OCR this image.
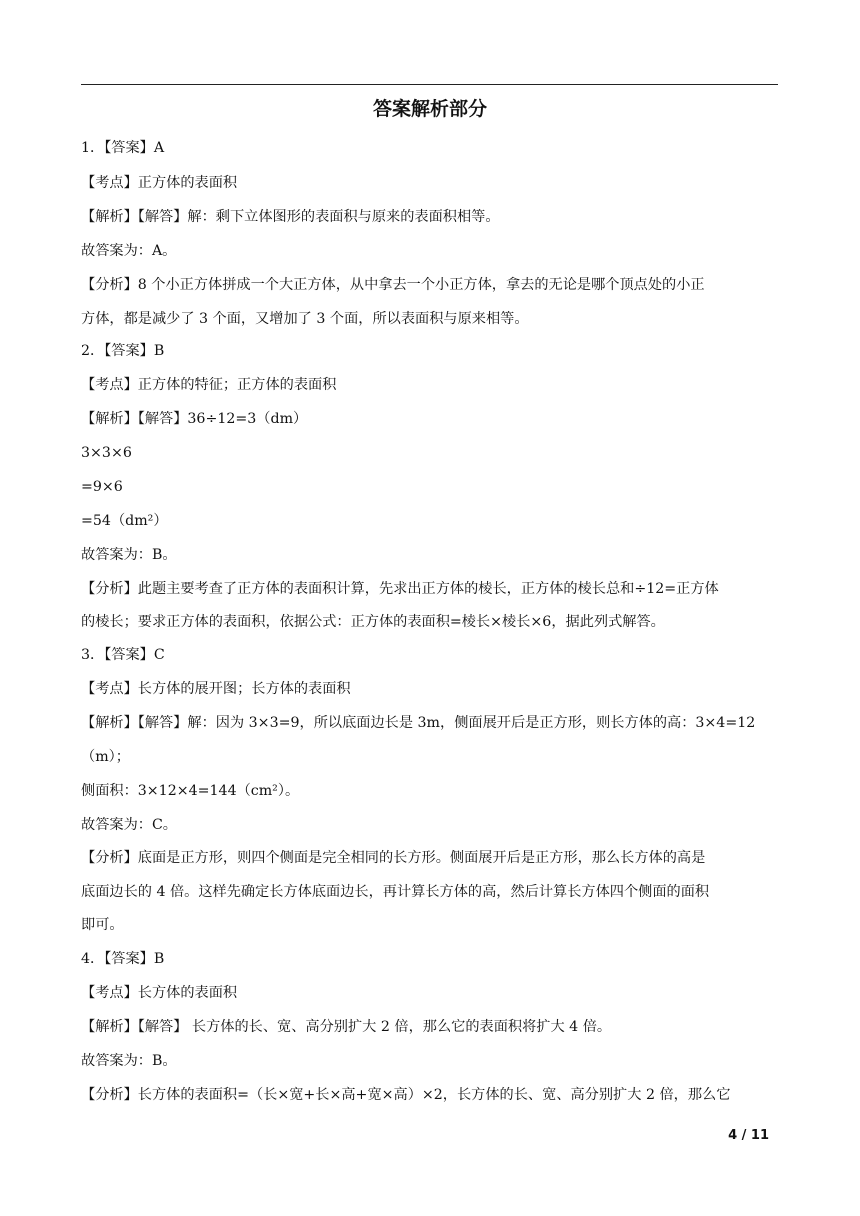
答案解析部分
1．【答案】A
【考点】正方体的表面积
【解析】【解答】解：剩下立体图形的表面积与原来的表面积相等。
故答案为：A。
【分析】8 个小正方体拼成一个大正方体，从中拿去一个小正方体，拿去的无论是哪个顶点处的小正
方体，都是减少了 3 个面，又增加了 3 个面，所以表面积与原来相等。
2．【答案】B
【考点】正方体的特征；正方体的表面积
【解析】【解答】36÷12=3（dm）
3×3×6
=9×6
=54（dm²）
故答案为：B。
【分析】此题主要考查了正方体的表面积计算，先求出正方体的棱长，正方体的棱长总和÷12=正方体
的棱长；要求正方体的表面积，依据公式：正方体的表面积=棱长×棱长×6，据此列式解答。
3．【答案】C
【考点】长方体的展开图；长方体的表面积
【解析】【解答】解：因为 3×3=9，所以底面边长是 3m，侧面展开后是正方形，则长方体的高：3×4=12
（m）；
侧面积：3×12×4=144（cm²）。
故答案为：C。
【分析】底面是正方形，则四个侧面是完全相同的长方形。侧面展开后是正方形，那么长方体的高是
底面边长的 4 倍。这样先确定长方体底面边长，再计算长方体的高，然后计算长方体四个侧面的面积
即可。
4．【答案】B
【考点】长方体的表面积
【解析】【解答】 长方体的长、宽、高分别扩大 2 倍，那么它的表面积将扩大 4 倍。
故答案为：B。
【分析】长方体的表面积=（长×宽+长×高+宽×高）×2，长方体的长、宽、高分别扩大 2 倍，那么它
4 / 11
